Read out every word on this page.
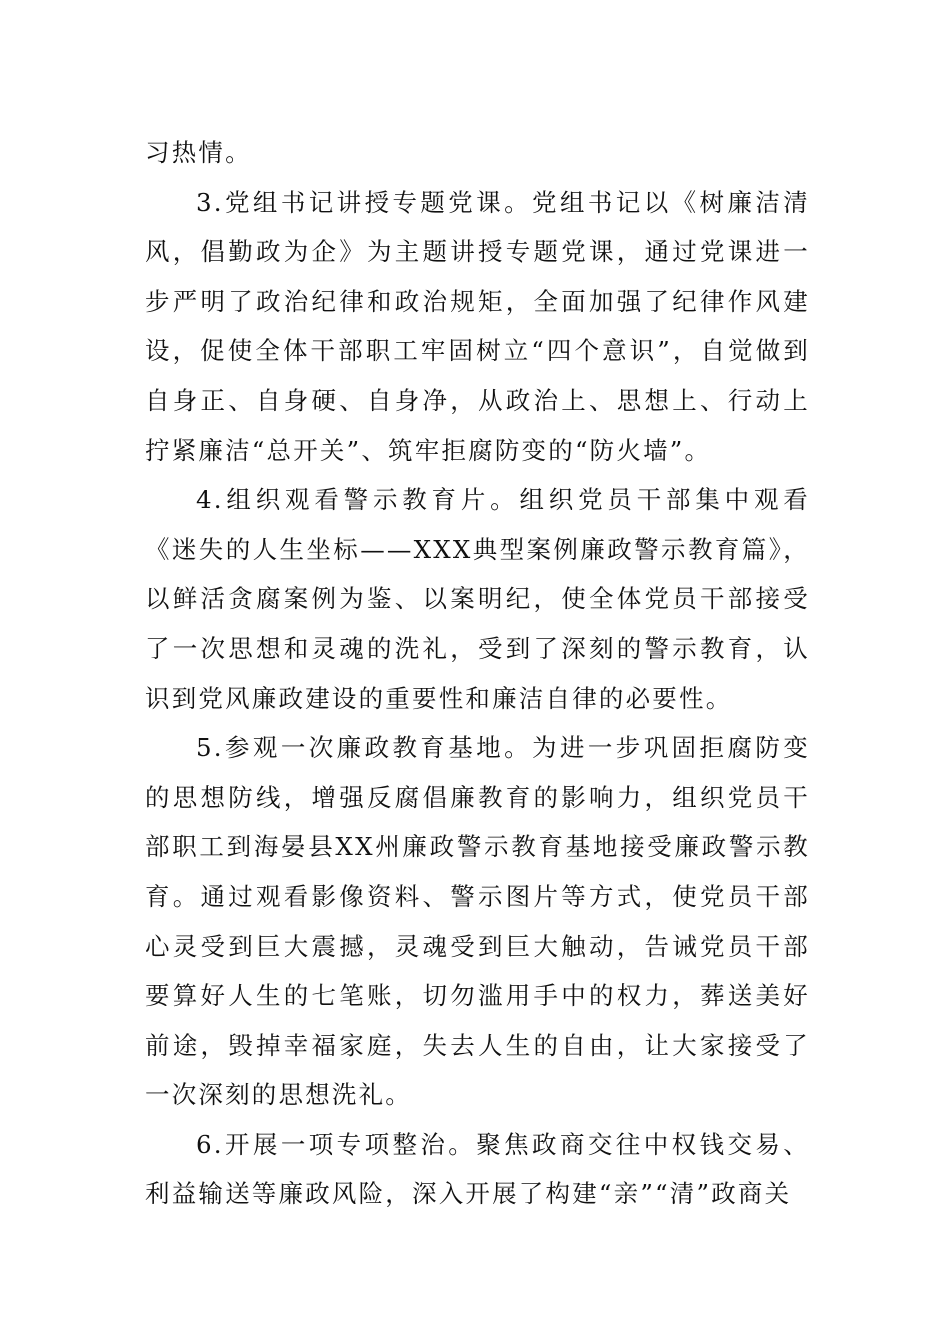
习热情。

3.党组书记讲授专题党课。党组书记以《树廉洁清风，倡勤政为企》为主题讲授专题党课，通过党课进一步严明了政治纪律和政治规矩，全面加强了纪律作风建设，促使全体干部职工牢固树立“四个意识”，自觉做到自身正、自身硬、自身净，从政治上、思想上、行动上拧紧廉洁“总开关”、筑牢拒腐防变的“防火墙”。

4.组织观看警示教育片。组织党员干部集中观看《迷失的人生坐标——XXX典型案例廉政警示教育篇》，以鲜活贪腐案例为鉴、以案明纪，使全体党员干部接受了一次思想和灵魂的洗礼，受到了深刻的警示教育，认识到党风廉政建设的重要性和廉洁自律的必要性。

5.参观一次廉政教育基地。为进一步巩固拒腐防变的思想防线，增强反腐倡廉教育的影响力，组织党员干部职工到海晏县XX州廉政警示教育基地接受廉政警示教育。通过观看影像资料、警示图片等方式，使党员干部心灵受到巨大震撼，灵魂受到巨大触动，告诫党员干部要算好人生的七笔账，切勿滥用手中的权力，葬送美好前途，毁掉幸福家庭，失去人生的自由，让大家接受了一次深刻的思想洗礼。

6.开展一项专项整治。聚焦政商交往中权钱交易、利益输送等廉政风险，深入开展了构建“亲”“清”政商关
